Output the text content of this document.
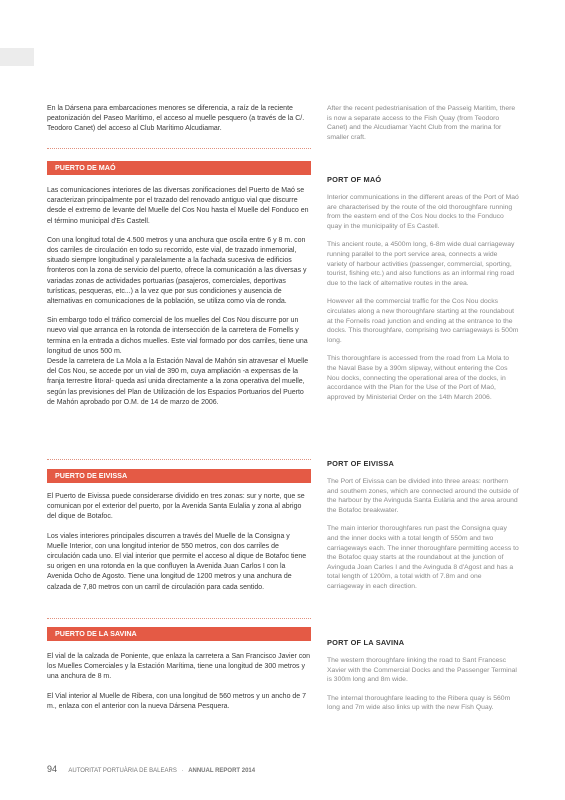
En la Dársena para embarcaciones menores se diferencia, a raíz de la reciente peatonización del Paseo Marítimo, el acceso al muelle pesquero (a través de la C/. Teodoro Canet) del acceso al Club Marítimo Alcudiamar.

After the recent pedestrianisation of the Passeig Maritim, there is now a separate access to the Fish Quay (from Teodoro Canet) and the Alcudiamar Yacht Club from the marina for smaller craft.

PUERTO DE MAÓ
PORT OF MAÓ

Las comunicaciones interiores de las diversas zonificaciones del Puerto de Maó se caracterizan principalmente por el trazado del renovado antiguo vial que discurre desde el extremo de levante del Muelle del Cos Nou hasta el Muelle del Fonduco en el término municipal d'Es Castell.

Con una longitud total de 4.500 metros y una anchura que oscila entre 6 y 8 m. con dos carriles de circulación en todo su recorrido, este vial, de trazado inmemorial, situado siempre longitudinal y paralelamente a la fachada sucesiva de edificios fronteros con la zona de servicio del puerto, ofrece la comunicación a las diversas y variadas zonas de actividades portuarias (pasajeros, comerciales, deportivas turísticas, pesqueras, etc...) a la vez que por sus condiciones y ausencia de alternativas en comunicaciones de la población, se utiliza como vía de ronda.

Sin embargo todo el tráfico comercial de los muelles del Cos Nou discurre por un nuevo vial que arranca en la rotonda de intersección de la carretera de Fornells y termina en la entrada a dichos muelles. Este vial formado por dos carriles, tiene una longitud de unos 500 m.
Desde la carretera de La Mola a la Estación Naval de Mahón sin atravesar el Muelle del Cos Nou, se accede por un vial de 390 m, cuya ampliación -a expensas de la franja terrestre litoral- queda así unida directamente a la zona operativa del muelle, según las previsiones del Plan de Utilización de los Espacios Portuarios del Puerto de Mahón aprobado por O.M. de 14 de marzo de 2006.

Interior communications in the different areas of the Port of Maó are characterised by the route of the old thoroughfare running from the eastern end of the Cos Nou docks to the Fonduco quay in the municipality of Es Castell.

This ancient route, a 4500m long, 6-8m wide dual carriageway running parallel to the port service area, connects a wide variety of harbour activities (passenger, commercial, sporting, tourist, fishing etc.) and also functions as an informal ring road due to the lack of alternative routes in the area.

However all the commercial traffic for the Cos Nou docks circulates along a new thoroughfare starting at the roundabout at the Fornells road junction and ending at the entrance to the docks. This thoroughfare, comprising two carriageways is 500m long.

This thoroughfare is accessed from the road from La Mola to the Naval Base by a 390m slipway, without entering the Cos Nou docks, connecting the operational area of the docks, in accordance with the Plan for the Use of the Port of Maó, approved by Ministerial Order on the 14th March 2006.

PUERTO DE EIVISSA
PORT OF EIVISSA

El Puerto de Eivissa puede considerarse dividido en tres zonas: sur y norte, que se comunican por el exterior del puerto, por la Avenida Santa Eulalia y zona al abrigo del dique de Botafoc.

Los viales interiores principales discurren a través del Muelle de la Consigna y Muelle Interior, con una longitud interior de 550 metros, con dos carriles de circulación cada uno. El vial interior que permite el acceso al dique de Botafoc tiene su origen en una rotonda en la que confluyen la Avenida Juan Carlos I con la Avenida Ocho de Agosto. Tiene una longitud de 1200 metros y una anchura de calzada de 7,80 metros con un carril de circulación para cada sentido.

The Port of Eivissa can be divided into three areas: northern and southern zones, which are connected around the outside of the harbour by the Avinguda Santa Eulària and the area around the Botafoc breakwater.

The main interior thoroughfares run past the Consigna quay and the inner docks with a total length of 550m and two carriageways each. The inner thoroughfare permitting access to the Botafoc quay starts at the roundabout at the junction of Avinguda Joan Carles I and the Avinguda 8 d'Agost and has a total length of 1200m, a total width of 7.8m and one carriageway in each direction.

PUERTO DE LA SAVINA
PORT OF LA SAVINA

El vial de la calzada de Poniente, que enlaza la carretera a San Francisco Javier con los Muelles Comerciales y la Estación Marítima, tiene una longitud de 300 metros y una anchura de 8 m.

El Vial interior al Muelle de Ribera, con una longitud de 560 metros y un ancho de 7 m., enlaza con el anterior con la nueva Dársena Pesquera.

The western thoroughfare linking the road to Sant Francesc Xavier with the Commercial Docks and the Passenger Terminal is 300m long and 8m wide.

The internal thoroughfare leading to the Ribera quay is 560m long and 7m wide also links up with the new Fish Quay.

94 AUTORITAT PORTUÀRIA DE BALEARS · ANNUAL REPORT 2014
